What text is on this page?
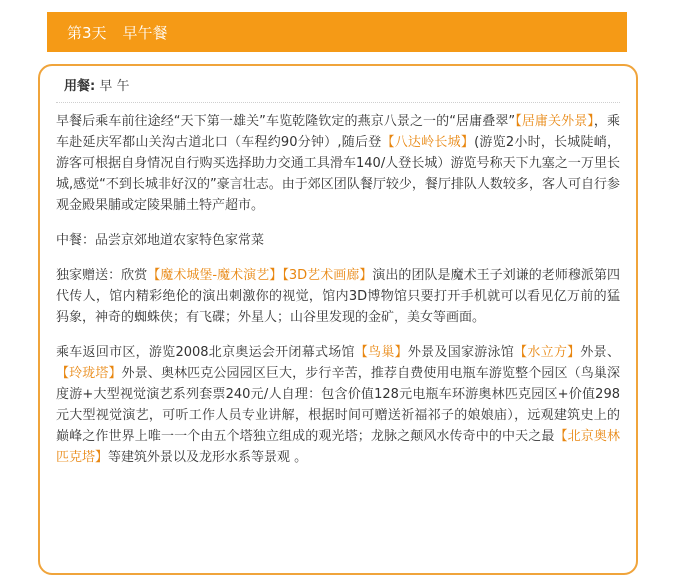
第3天 早午餐
用餐: 早 午

早餐后乘车前往途经“天下第一雄关”车览乾隆钦定的燕京八景之一的“居庸叠翠”【居庸关外景】，乘车赴延庆军都山关沟古道北口（车程约90分钟）,随后登【八达岭长城】(游览2小时，长城陡峭，游客可根据自身情况自行购买选择助力交通工具滑车140/人登长城）游览号称天下九塞之一万里长城,感觉“不到长城非好汉的”豪言壮志。由于郊区团队餐厅较少，餐厅排队人数较多，客人可自行参观金殿果脯或定陵果脯土特产超市。

中餐：品尝京郊地道农家特色家常菜

独家赠送：欣赏【魔术城堡-魔术演艺】【3D艺术画廊】演出的团队是魔术王子刘谦的老师穆派第四代传人，馆内精彩绝伦的演出刺激你的视觉，馆内3D博物馆只要打开手机就可以看见亿万前的猛犸象，神奇的蜘蛛侠；有飞碟；外星人；山谷里发现的金矿，美女等画面。

乘车返回市区，游览2008北京奥运会开闭幕式场馆【鸟巢】外景及国家游泳馆【水立方】外景、【玲珑塔】外景、奥林匹克公园园区巨大，步行辛苦，推荐自费使用电瓶车游览整个园区（鸟巢深度游+大型视觉演艺系列套票240元/人自理：包含价值128元电瓶车环游奥林匹克园区+价值298元大型视觉演艺，可听工作人员专业讲解，根据时间可赠送祈福祁子的娘娘庙），远观建筑史上的巅峰之作世界上唯一一个由五个塔独立组成的观光塔；龙脉之颠风水传奇中的中天之最【北京奥林匹克塔】等建筑外景以及龙形水系等景观 。
